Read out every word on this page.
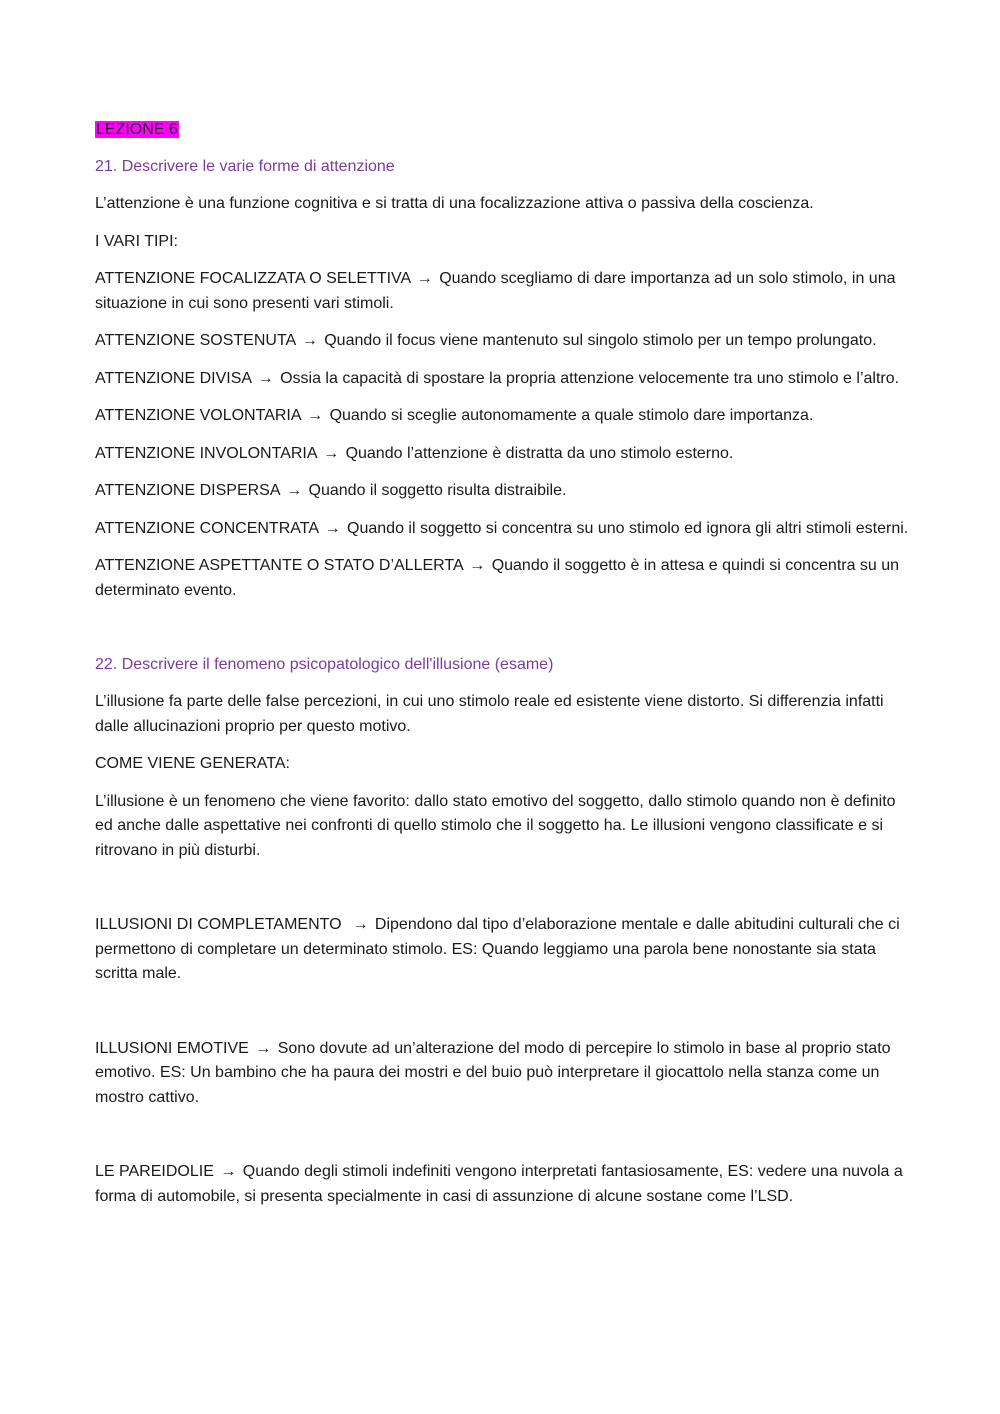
LEZIONE 6

21. Descrivere le varie forme di attenzione

L’attenzione è una funzione cognitiva e si tratta di una focalizzazione attiva o passiva della coscienza.

I VARI TIPI:

ATTENZIONE FOCALIZZATA O SELETTIVA → Quando scegliamo di dare importanza ad un solo stimolo, in una situazione in cui sono presenti vari stimoli.

ATTENZIONE SOSTENUTA → Quando il focus viene mantenuto sul singolo stimolo per un tempo prolungato.

ATTENZIONE DIVISA → Ossia la capacità di spostare la propria attenzione velocemente tra uno stimolo e l’altro.

ATTENZIONE VOLONTARIA → Quando si sceglie autonomamente a quale stimolo dare importanza.

ATTENZIONE INVOLONTARIA → Quando l’attenzione è distratta da uno stimolo esterno.

ATTENZIONE DISPERSA → Quando il soggetto risulta distraibile.

ATTENZIONE CONCENTRATA → Quando il soggetto si concentra su uno stimolo ed ignora gli altri stimoli esterni.

ATTENZIONE ASPETTANTE O STATO D’ALLERTA → Quando il soggetto è in attesa e quindi si concentra su un determinato evento.

22. Descrivere il fenomeno psicopatologico dell'illusione (esame)

L’illusione fa parte delle false percezioni, in cui uno stimolo reale ed esistente viene distorto. Si differenzia infatti dalle allucinazioni proprio per questo motivo.

COME VIENE GENERATA:

L’illusione è un fenomeno che viene favorito: dallo stato emotivo del soggetto, dallo stimolo quando non è definito ed anche dalle aspettative nei confronti di quello stimolo che il soggetto ha. Le illusioni vengono classificate e si ritrovano in più disturbi.

ILLUSIONI DI COMPLETAMENTO → Dipendono dal tipo d’elaborazione mentale e dalle abitudini culturali che ci permettono di completare un determinato stimolo. ES: Quando leggiamo una parola bene nonostante sia stata scritta male.

ILLUSIONI EMOTIVE → Sono dovute ad un’alterazione del modo di percepire lo stimolo in base al proprio stato emotivo. ES: Un bambino che ha paura dei mostri e del buio può interpretare il giocattolo nella stanza come un mostro cattivo.

LE PAREIDOLIE → Quando degli stimoli indefiniti vengono interpretati fantasiosamente, ES: vedere una nuvola a forma di automobile, si presenta specialmente in casi di assunzione di alcune sostane come l’LSD.
